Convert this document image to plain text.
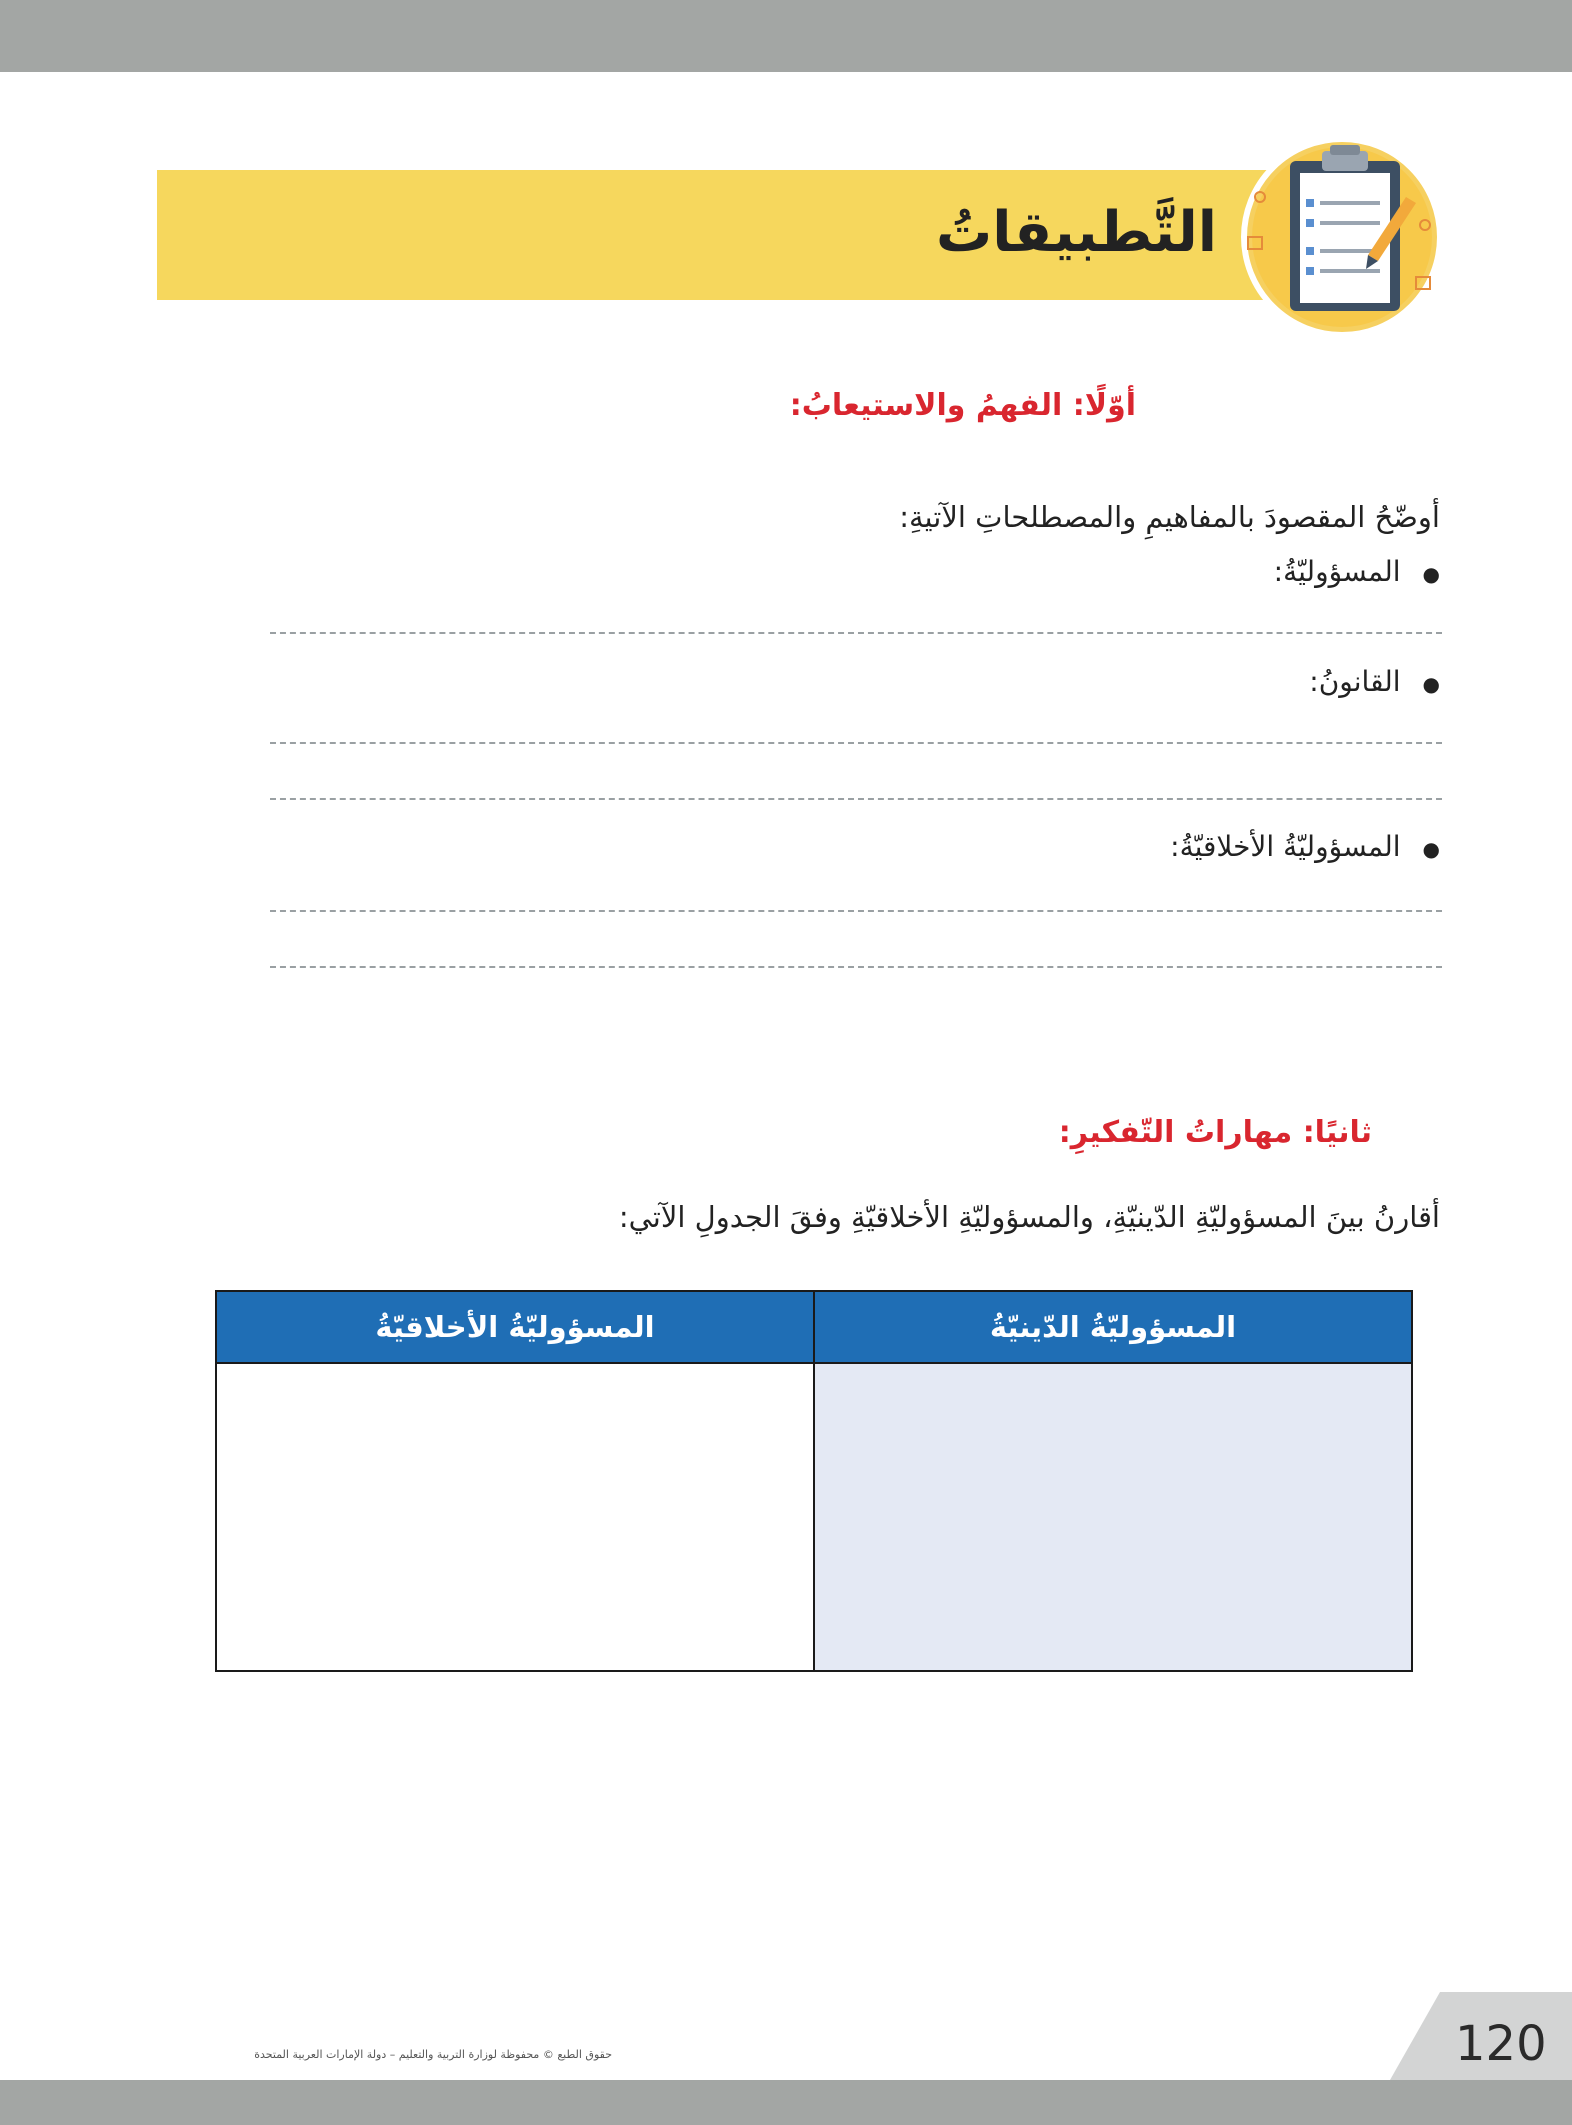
التَّطبيقاتُ
أوّلًا: الفهمُ والاستيعابُ:
أوضّحُ المقصودَ بالمفاهيمِ والمصطلحاتِ الآتيةِ:
●المسؤوليّةُ:
●القانونُ:
●المسؤوليّةُ الأخلاقيّةُ:
ثانيًا: مهاراتُ التّفكيرِ:
أقارنُ بينَ المسؤوليّةِ الدّينيّةِ، والمسؤوليّةِ الأخلاقيّةِ وفقَ الجدولِ الآتي:
المسؤوليّةُ الدّينيّةُ	المسؤوليّةُ الأخلاقيّةُ

حقوق الطبع © محفوظة لوزارة التربية والتعليم – دولة الإمارات العربية المتحدة	120
